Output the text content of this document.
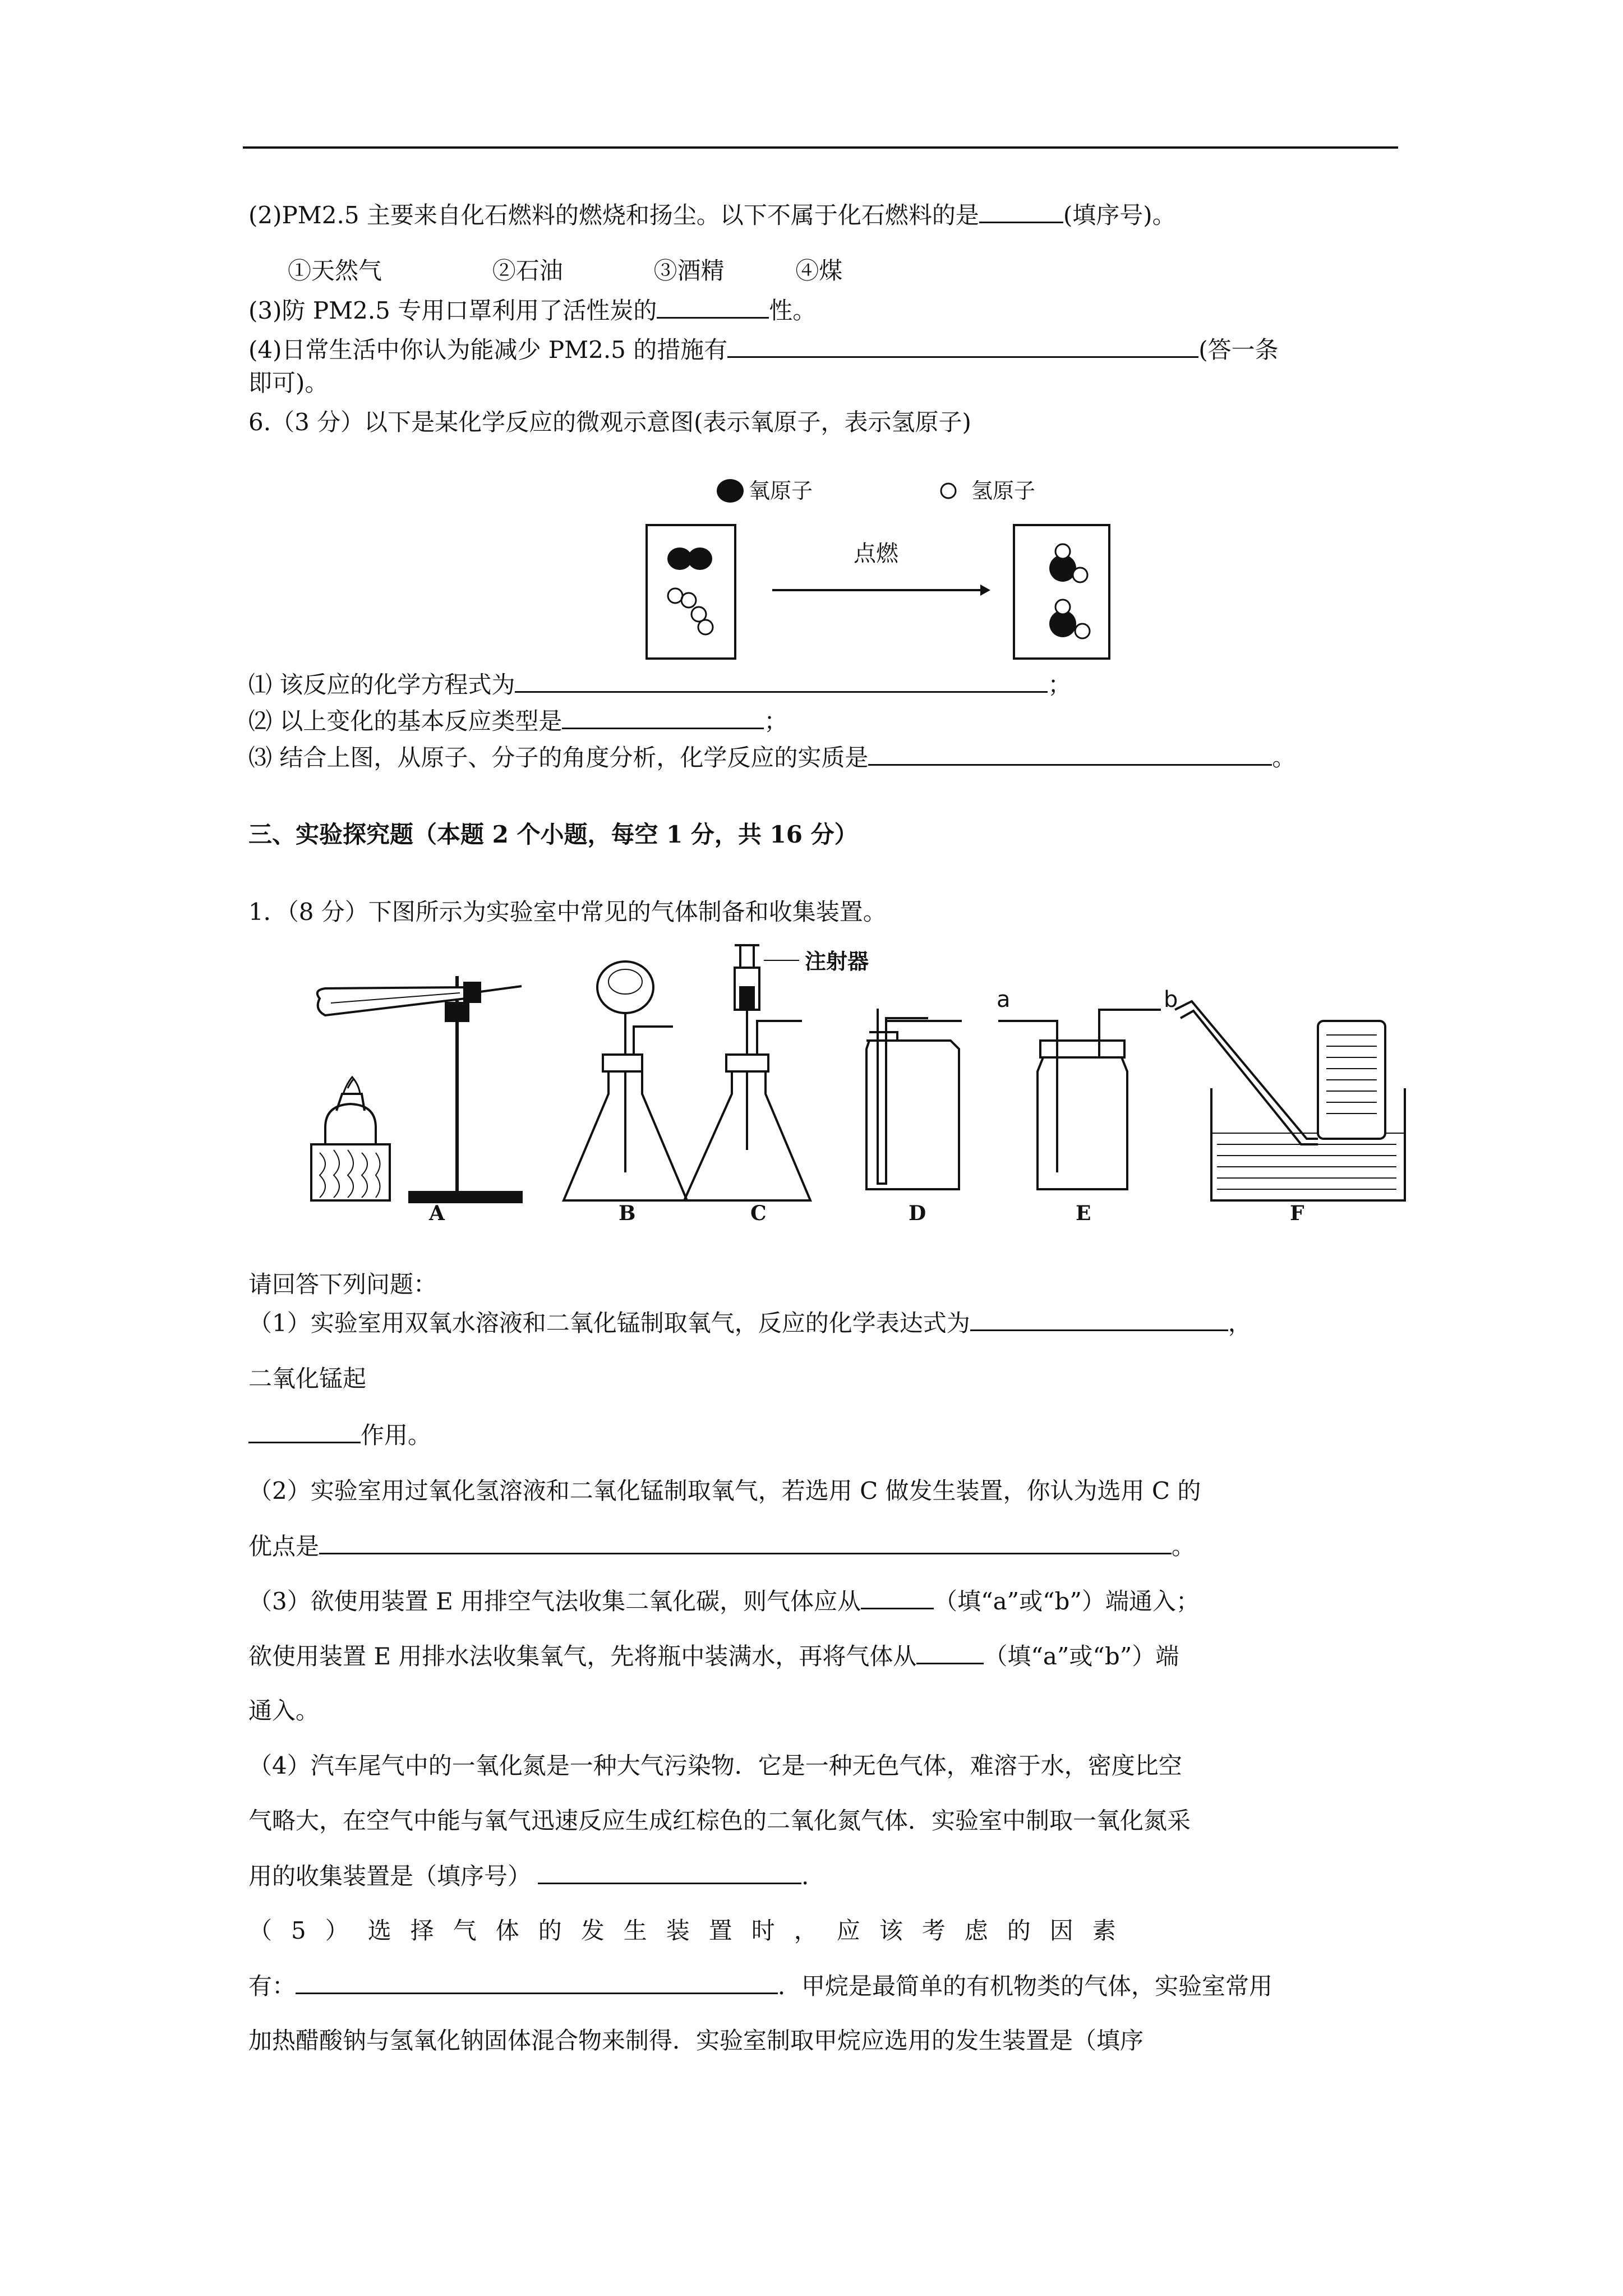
(2)PM2.5 主要来自化石燃料的燃烧和扬尘。以下不属于化石燃料的是	(填序号)。
①天然气	②石油	③酒精	④煤
(3)防 PM2.5 专用口罩利用了活性炭的	性。
(4)日常生活中你认为能减少 PM2.5 的措施有	(答一条
即可)。
6.（3 分）以下是某化学反应的微观示意图(表示氧原子，表示氢原子)
氧原子	氢原子
点燃
⑴ 该反应的化学方程式为	；
⑵ 以上变化的基本反应类型是	；
⑶ 结合上图，从原子、分子的角度分析，化学反应的实质是	。
三、实验探究题（本题 2 个小题，每空 1 分，共 16 分）
1．（8 分）下图所示为实验室中常见的气体制备和收集装置。
注射器
a	b
A	B	C	D	E	F
请回答下列问题：
（1）实验室用双氧水溶液和二氧化锰制取氧气，反应的化学表达式为	，
二氧化锰起
作用。
（2）实验室用过氧化氢溶液和二氧化锰制取氧气，若选用 C 做发生装置，你认为选用 C 的
优点是	。
（3）欲使用装置 E 用排空气法收集二氧化碳，则气体应从	（填“a”或“b”）端通入；
欲使用装置 E 用排水法收集氧气，先将瓶中装满水，再将气体从	（填“a”或“b”）端
通入。
（4）汽车尾气中的一氧化氮是一种大气污染物．它是一种无色气体，难溶于水，密度比空
气略大，在空气中能与氧气迅速反应生成红棕色的二氧化氮气体．实验室中制取一氧化氮采
用的收集装置是（填序号）	.
（5）选择气体的发生装置时，应该考虑的因素
有：	．甲烷是最简单的有机物类的气体，实验室常用
加热醋酸钠与氢氧化钠固体混合物来制得．实验室制取甲烷应选用的发生装置是（填序
